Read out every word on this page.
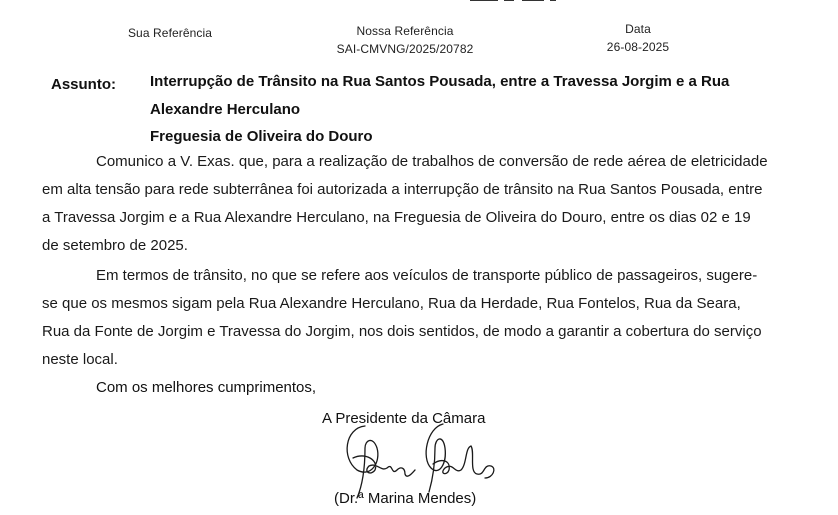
Sua Referência	Nossa Referência
SAI-CMVNG/2025/20782
Data
26-08-2025
Assunto: Interrupção de Trânsito na Rua Santos Pousada, entre a Travessa Jorgim e a Rua
Alexandre Herculano
Freguesia de Oliveira do Douro

Comunico a V. Exas. que, para a realização de trabalhos de conversão de rede aérea de eletricidade

em alta tensão para rede subterrânea foi autorizada a interrupção de trânsito na Rua Santos Pousada, entre

a Travessa Jorgim e a Rua Alexandre Herculano, na Freguesia de Oliveira do Douro, entre os dias 02 e 19

de setembro de 2025.

Em termos de trânsito, no que se refere aos veículos de transporte público de passageiros, sugere-

se que os mesmos sigam pela Rua Alexandre Herculano, Rua da Herdade, Rua Fontelos, Rua da Seara,

Rua da Fonte de Jorgim e Travessa do Jorgim, nos dois sentidos, de modo a garantir a cobertura do serviço

neste local.

Com os melhores cumprimentos,
A Presidente da Câmara
(Dr.ª Marina Mendes)
